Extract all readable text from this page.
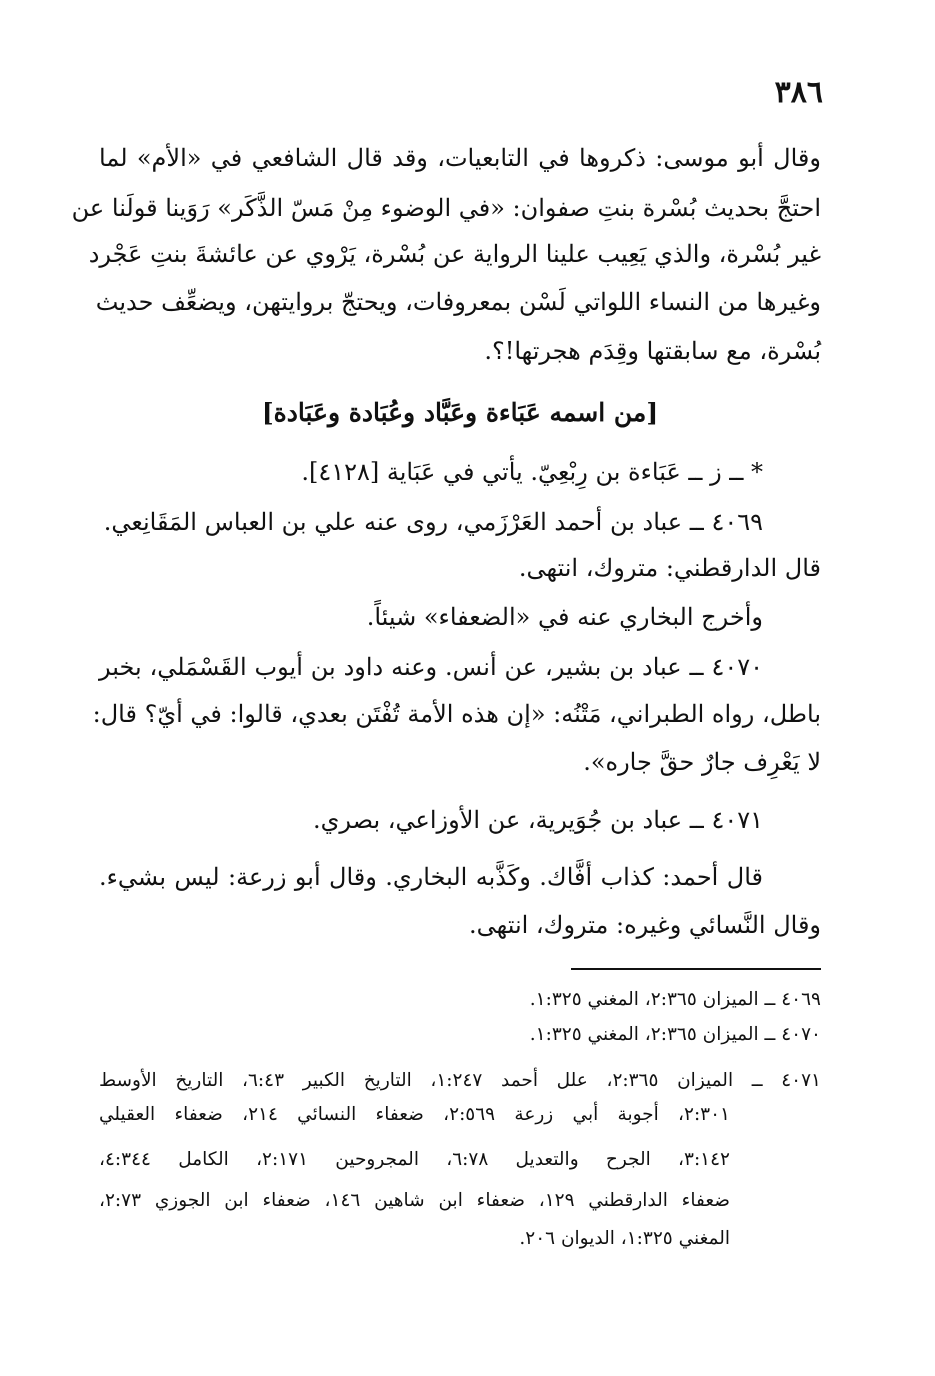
٣٨٦
وقال أبو موسى: ذكروها في التابعيات، وقد قال الشافعي في «الأم» لما
احتجَّ بحديث بُسْرة بنتِ صفوان: «في الوضوء مِنْ مَسّ الذَّكَر» رَوَينا قولَنا عن
غير بُسْرة، والذي يَعِيب علينا الرواية عن بُسْرة، يَرْوي عن عائشةَ بنتِ عَجْرد
وغيرها من النساء اللواتي لَسْن بمعروفات، ويحتجّ بروايتهن، ويضعِّف حديث
بُسْرة، مع سابقتها وقِدَم هجرتها!؟.
[من اسمه عَبَاءة وعَبَّاد وعُبَادة وعَبَادة]
* ــ ز ــ عَبَاءة بن رِبْعِيّ. يأتي في عَبَاية [٤١٢٨].
٤٠٦٩ ــ عباد بن أحمد العَرْزَمي، روى عنه علي بن العباس المَقَانِعي.
قال الدارقطني: متروك، انتهى.
وأخرج البخاري عنه في «الضعفاء» شيئاً.
٤٠٧٠ ــ عباد بن بشير، عن أنس. وعنه داود بن أيوب القَسْمَلي، بخبر
باطل، رواه الطبراني، مَتْنُه: «إن هذه الأمة تُفْتَن بعدي، قالوا: في أيّ؟ قال:
لا يَعْرِف جارٌ حقَّ جاره».
٤٠٧١ ــ عباد بن جُوَيرية، عن الأوزاعي، بصري.
قال أحمد: كذاب أفَّاك. وكَذَّبه البخاري. وقال أبو زرعة: ليس بشيء.
وقال النَّسائي وغيره: متروك، انتهى.
٤٠٦٩ ــ الميزان ٢:٣٦٥، المغني ١:٣٢٥.
٤٠٧٠ ــ الميزان ٢:٣٦٥، المغني ١:٣٢٥.
٤٠٧١ ــ الميزان ٢:٣٦٥، علل أحمد ١:٢٤٧، التاريخ الكبير ٦:٤٣، التاريخ الأوسط
٢:٣٠١، أجوبة أبي زرعة ٢:٥٦٩، ضعفاء النسائي ٢١٤، ضعفاء العقيلي
٣:١٤٢، الجرح والتعديل ٦:٧٨، المجروحين ٢:١٧١، الكامل ٤:٣٤٤،
ضعفاء الدارقطني ١٢٩، ضعفاء ابن شاهين ١٤٦، ضعفاء ابن الجوزي ٢:٧٣،
المغني ١:٣٢٥، الديوان ٢٠٦.
